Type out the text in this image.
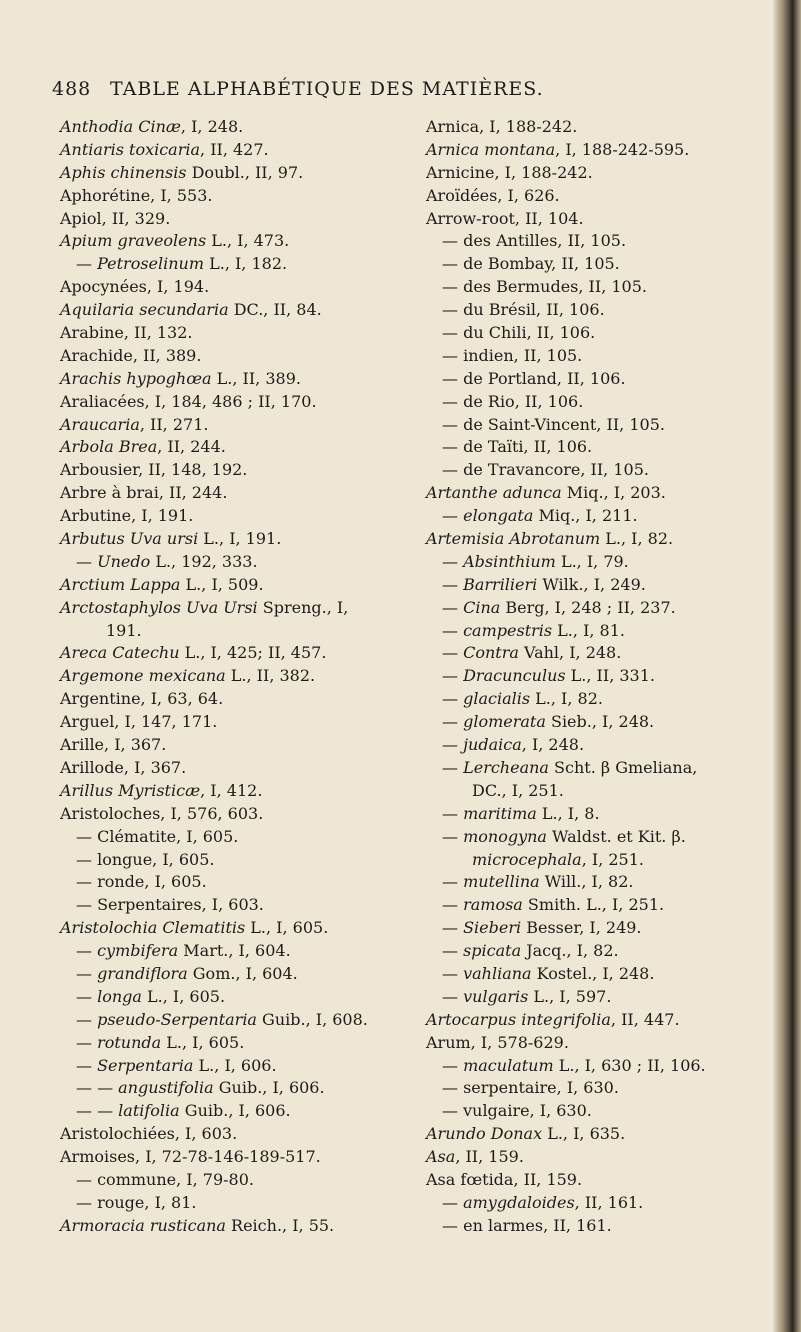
488 TABLE ALPHABÉTIQUE DES MATIÈRES.
Anthodia Cinæ, I, 248.
Antiaris toxicaria, II, 427.
Aphis chinensis Doubl., II, 97.
Aphorétine, I, 553.
Apiol, II, 329.
Apium graveolens L., I, 473.
— Petroselinum L., I, 182.
Apocynées, I, 194.
Aquilaria secundaria DC., II, 84.
Arabine, II, 132.
Arachide, II, 389.
Arachis hypoghœa L., II, 389.
Araliacées, I, 184, 486 ; II, 170.
Araucaria, II, 271.
Arbola Brea, II, 244.
Arbousier, II, 148, 192.
Arbre à brai, II, 244.
Arbutine, I, 191.
Arbutus Uva ursi L., I, 191.
— Unedo L., 192, 333.
Arctium Lappa L., I, 509.
Arctostaphylos Uva Ursi Spreng., I,
191.
Areca Catechu L., I, 425; II, 457.
Argemone mexicana L., II, 382.
Argentine, I, 63, 64.
Arguel, I, 147, 171.
Arille, I, 367.
Arillode, I, 367.
Arillus Myristicæ, I, 412.
Aristoloches, I, 576, 603.
— Clématite, I, 605.
— longue, I, 605.
— ronde, I, 605.
— Serpentaires, I, 603.
Aristolochia Clematitis L., I, 605.
— cymbifera Mart., I, 604.
— grandiflora Gom., I, 604.
— longa L., I, 605.
— pseudo-Serpentaria Guib., I, 608.
— rotunda L., I, 605.
— Serpentaria L., I, 606.
— — angustifolia Guib., I, 606.
— — latifolia Guib., I, 606.
Aristolochiées, I, 603.
Armoises, I, 72-78-146-189-517.
— commune, I, 79-80.
— rouge, I, 81.
Armoracia rusticana Reich., I, 55.
Arnica, I, 188-242.
Arnica montana, I, 188-242-595.
Arnicine, I, 188-242.
Aroïdées, I, 626.
Arrow-root, II, 104.
— des Antilles, II, 105.
— de Bombay, II, 105.
— des Bermudes, II, 105.
— du Brésil, II, 106.
— du Chili, II, 106.
— indien, II, 105.
— de Portland, II, 106.
— de Rio, II, 106.
— de Saint-Vincent, II, 105.
— de Taïti, II, 106.
— de Travancore, II, 105.
Artanthe adunca Miq., I, 203.
— elongata Miq., I, 211.
Artemisia Abrotanum L., I, 82.
— Absinthium L., I, 79.
— Barrilieri Wilk., I, 249.
— Cina Berg, I, 248 ; II, 237.
— campestris L., I, 81.
— Contra Vahl, I, 248.
— Dracunculus L., II, 331.
— glacialis L., I, 82.
— glomerata Sieb., I, 248.
— judaica, I, 248.
— Lercheana Scht. β Gmeliana,
DC., I, 251.
— maritima L., I, 8.
— monogyna Waldst. et Kit. β.
microcephala, I, 251.
— mutellina Will., I, 82.
— ramosa Smith. L., I, 251.
— Sieberi Besser, I, 249.
— spicata Jacq., I, 82.
— vahliana Kostel., I, 248.
— vulgaris L., I, 597.
Artocarpus integrifolia, II, 447.
Arum, I, 578-629.
— maculatum L., I, 630 ; II, 106.
— serpentaire, I, 630.
— vulgaire, I, 630.
Arundo Donax L., I, 635.
Asa, II, 159.
Asa fœtida, II, 159.
— amygdaloides, II, 161.
— en larmes, II, 161.
